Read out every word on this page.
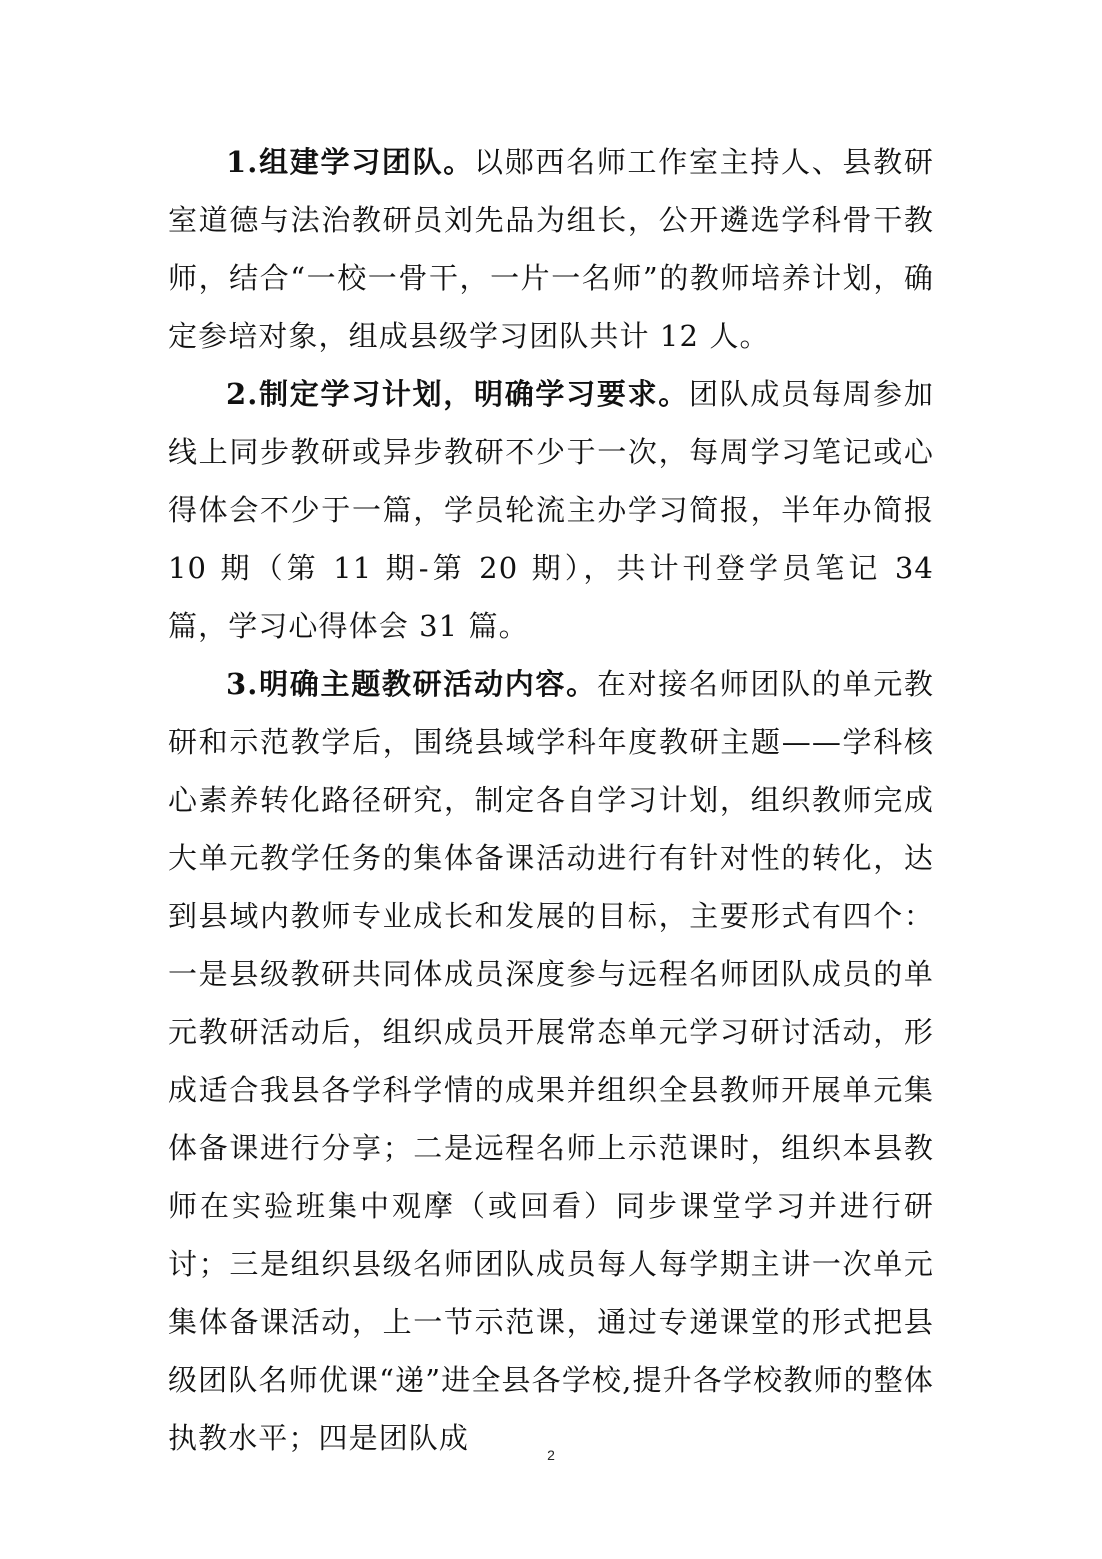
1.组建学习团队。以郧西名师工作室主持人、县教研室道德与法治教研员刘先品为组长，公开遴选学科骨干教师，结合“一校一骨干，一片一名师”的教师培养计划，确定参培对象，组成县级学习团队共计 12 人。

2.制定学习计划，明确学习要求。团队成员每周参加线上同步教研或异步教研不少于一次，每周学习笔记或心得体会不少于一篇，学员轮流主办学习简报，半年办简报 10 期（第 11 期-第 20 期），共计刊登学员笔记 34 篇，学习心得体会 31 篇。

3.明确主题教研活动内容。在对接名师团队的单元教研和示范教学后，围绕县域学科年度教研主题——学科核心素养转化路径研究，制定各自学习计划，组织教师完成大单元教学任务的集体备课活动进行有针对性的转化，达到县域内教师专业成长和发展的目标，主要形式有四个：一是县级教研共同体成员深度参与远程名师团队成员的单元教研活动后，组织成员开展常态单元学习研讨活动，形成适合我县各学科学情的成果并组织全县教师开展单元集体备课进行分享；二是远程名师上示范课时，组织本县教师在实验班集中观摩（或回看）同步课堂学习并进行研讨；三是组织县级名师团队成员每人每学期主讲一次单元集体备课活动，上一节示范课，通过专递课堂的形式把县级团队名师优课“递”进全县各学校,提升各学校教师的整体执教水平；四是团队成	2
